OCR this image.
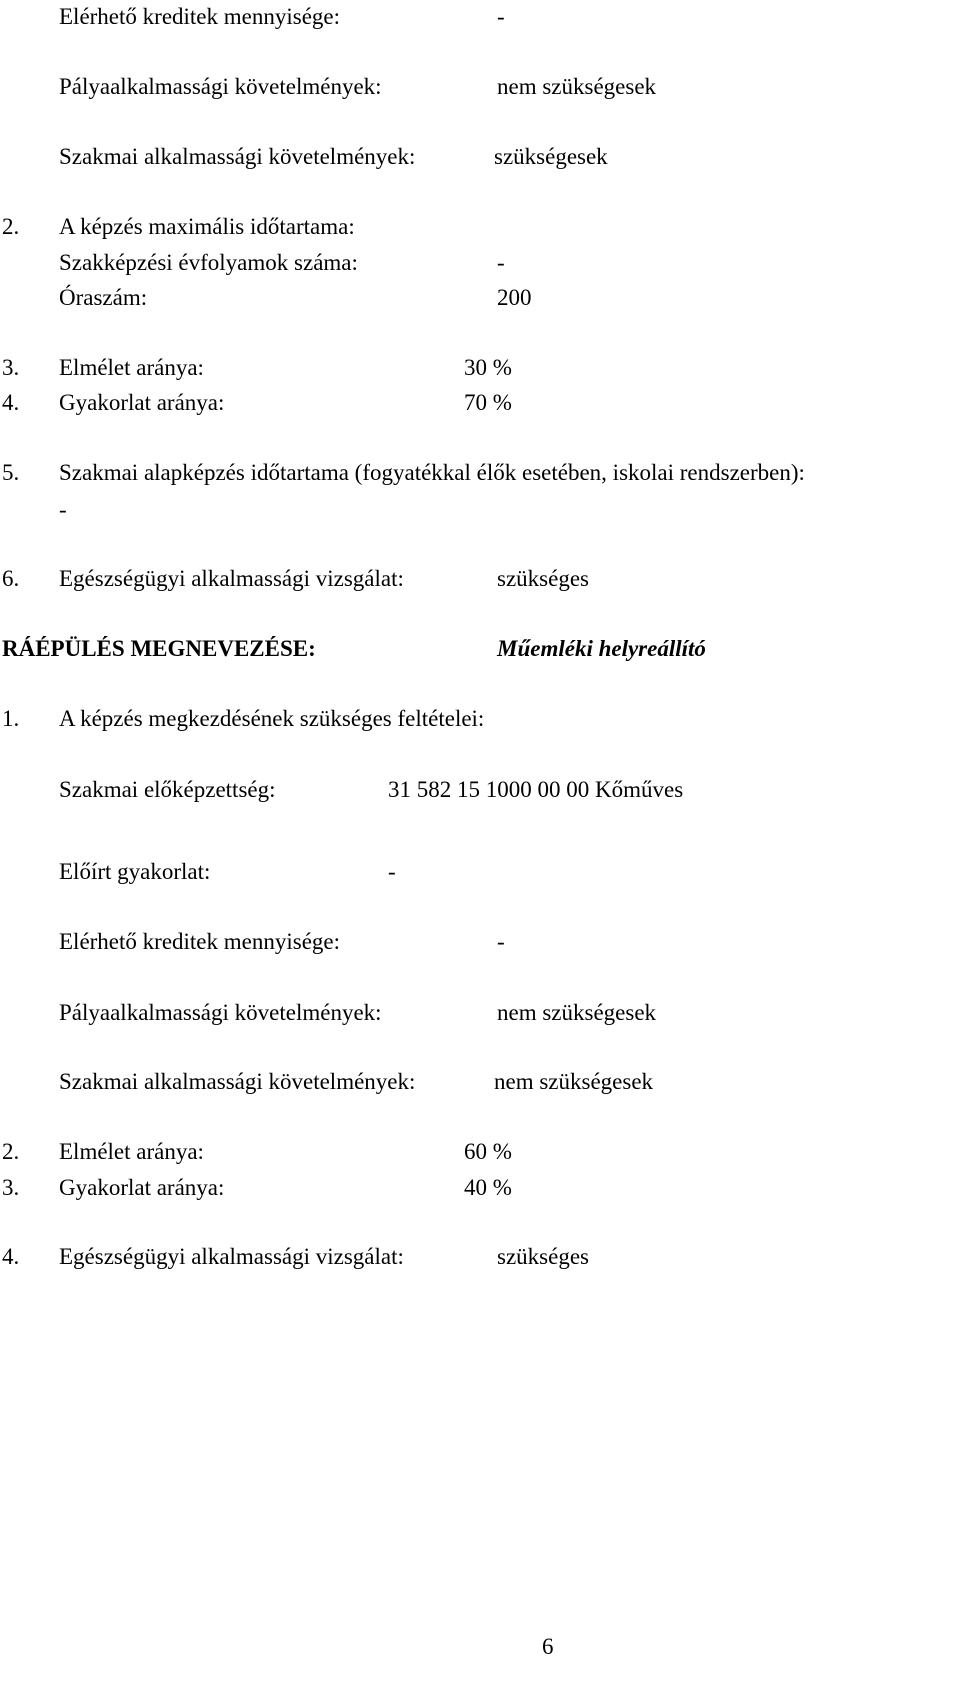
Elérhető kreditek mennyisége:	-

Pályaalkalmassági követelmények:	nem szükségesek

Szakmai alkalmassági követelmények:	szükségesek

2. A képzés maximális időtartama:

Szakképzési évfolyamok száma:	-

Óraszám:	200

3. Elmélet aránya:	30 %

4. Gyakorlat aránya:	70 %

5. Szakmai alapképzés időtartama (fogyatékkal élők esetében, iskolai rendszerben):

-

6. Egészségügyi alkalmassági vizsgálat:	szükséges

RÁÉPÜLÉS MEGNEVEZÉSE:	Műemléki helyreállító

1. A képzés megkezdésének szükséges feltételei:

Szakmai előképzettség:	31 582 15 1000 00 00 Kőműves

Előírt gyakorlat:	-

Elérhető kreditek mennyisége:	-

Pályaalkalmassági követelmények:	nem szükségesek

Szakmai alkalmassági követelmények:	nem szükségesek

2. Elmélet aránya:	60 %

3. Gyakorlat aránya:	40 %

4. Egészségügyi alkalmassági vizsgálat:	szükséges

6
